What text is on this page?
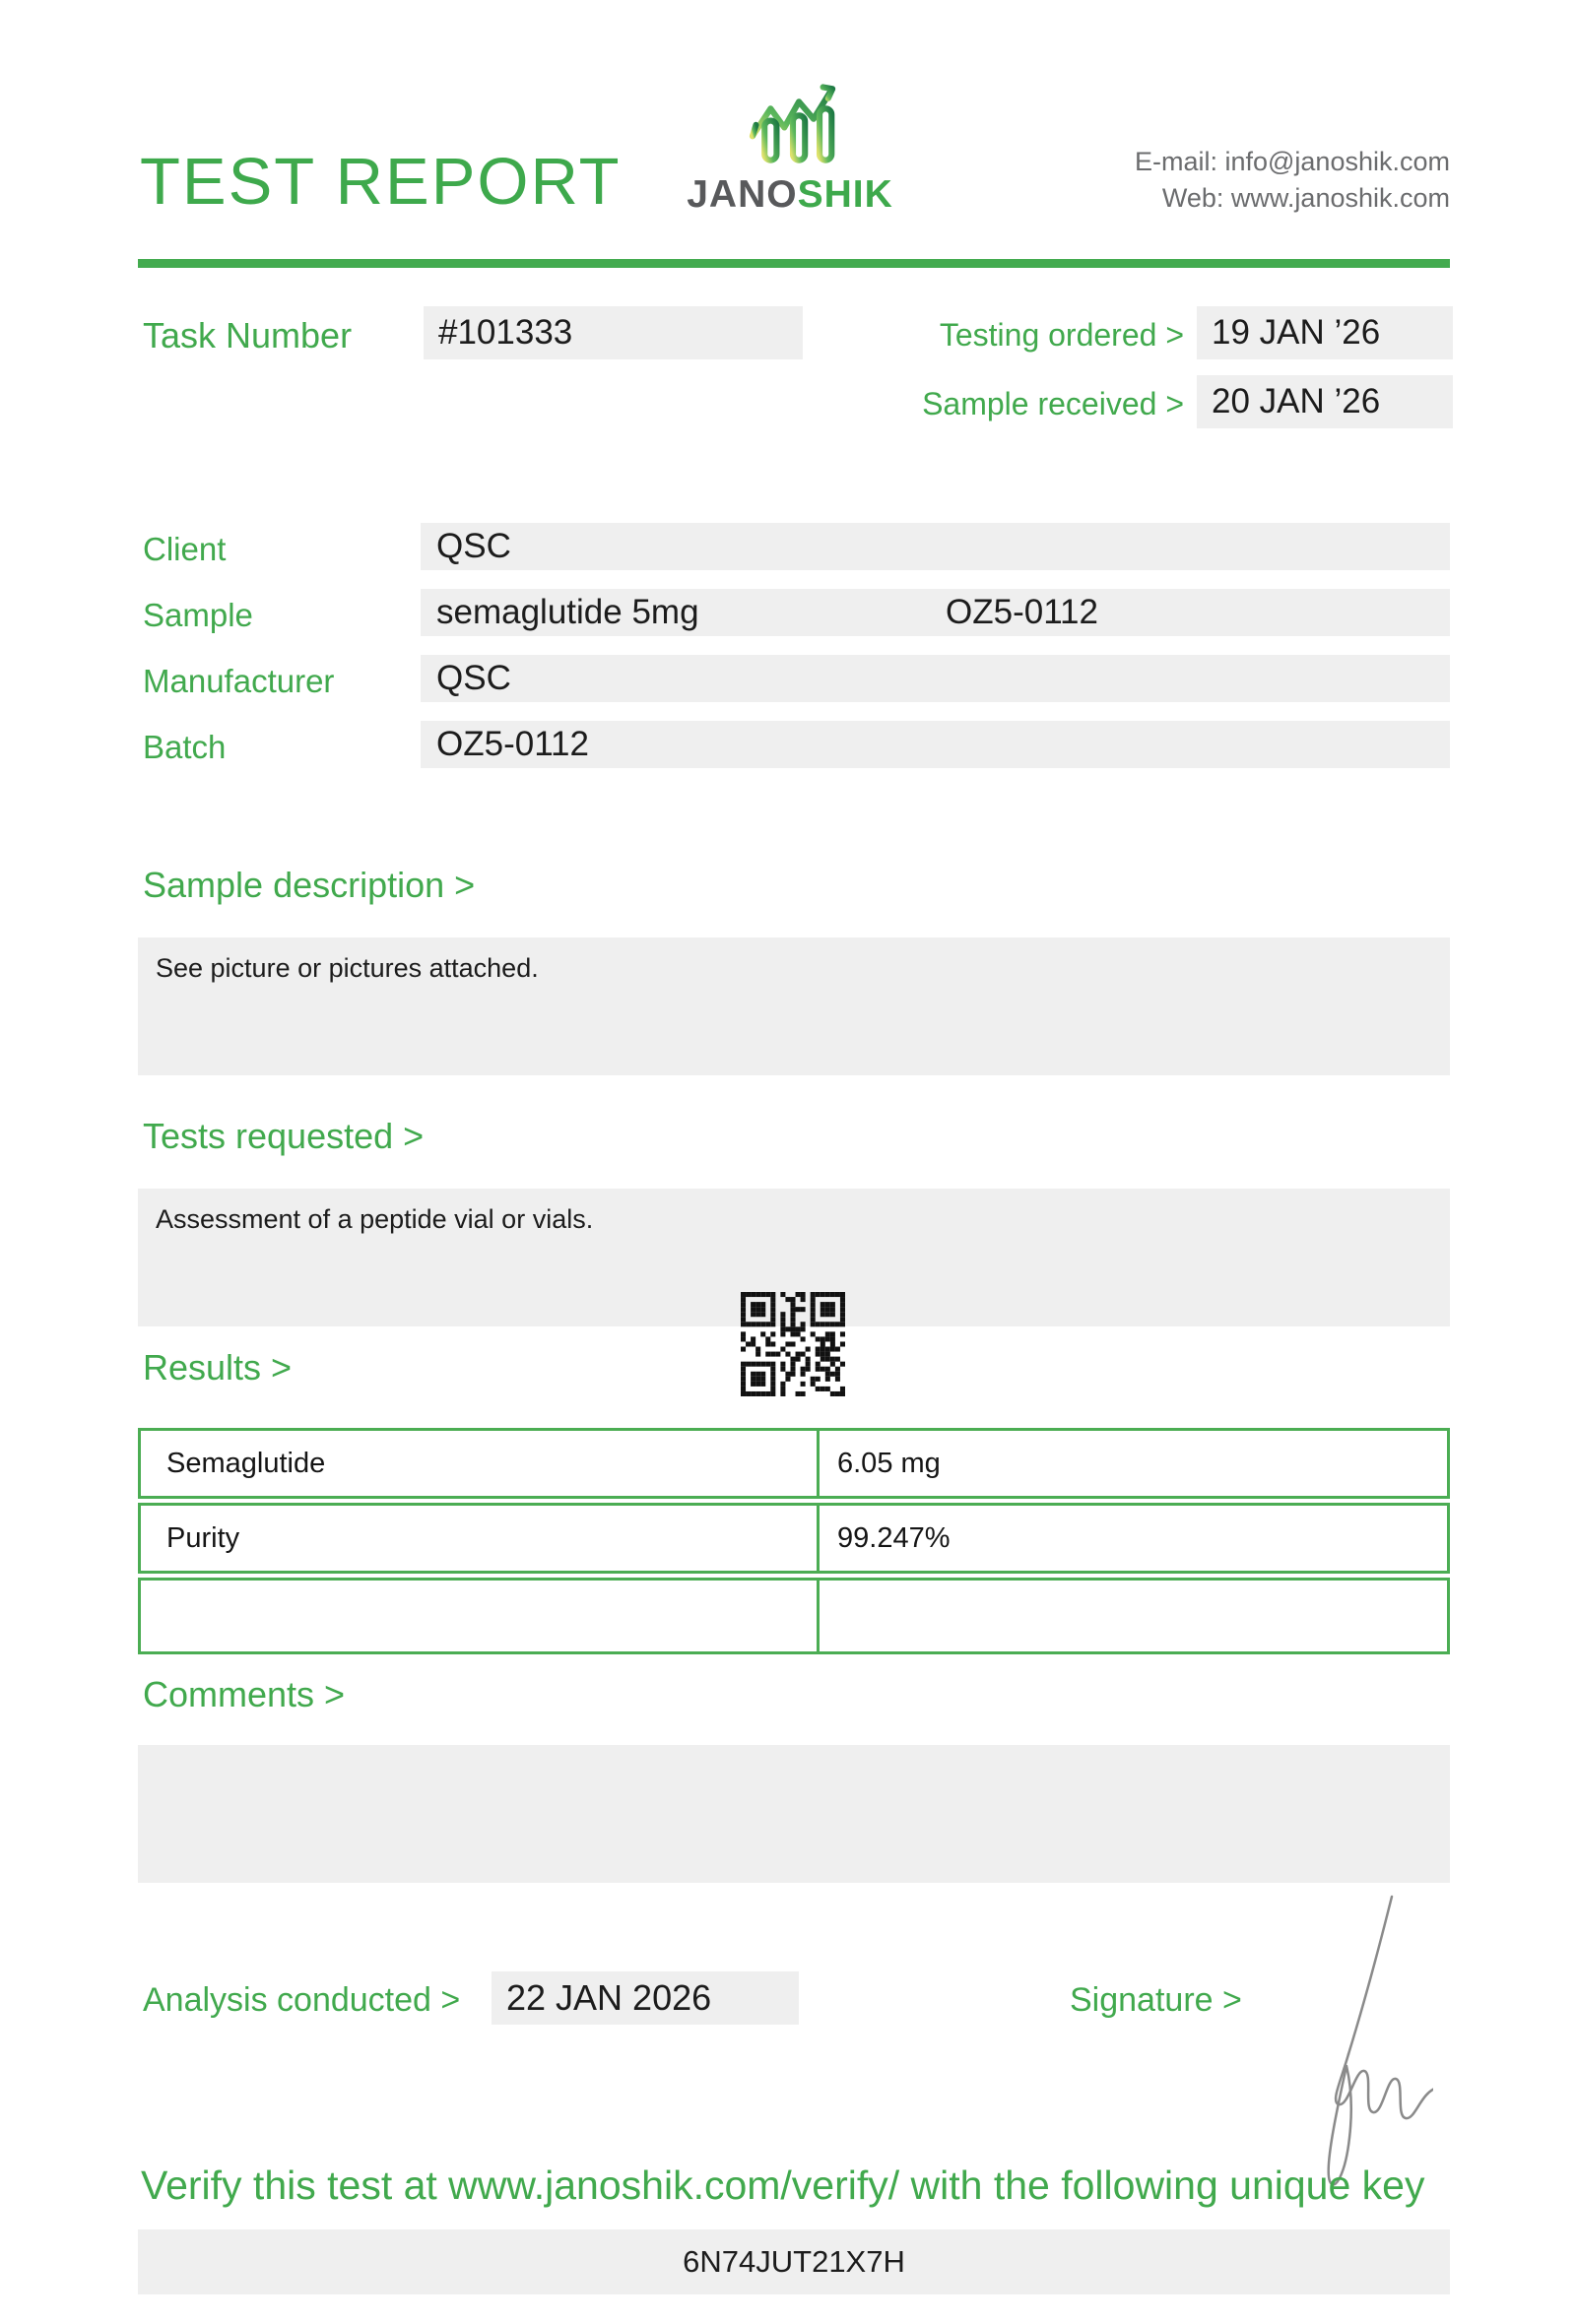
TEST REPORT JANOSHIK
E-mail: info@janoshik.com
Web: www.janoshik.com
Task Number	#101333	Testing ordered > 19 JAN ’26
Sample received > 20 JAN ’26
Client	QSC
Sample	semaglutide 5mg	OZ5-0112
Manufacturer	QSC
Batch	OZ5-0112
Sample description >
See picture or pictures attached.
Tests requested >
Assessment of a peptide vial or vials.
Results >
Semaglutide	6.05 mg
Purity	99.247%
Comments >
Analysis conducted >	22 JAN 2026	Signature >
Verify this test at www.janoshik.com/verify/ with the following unique key
6N74JUT21X7H
